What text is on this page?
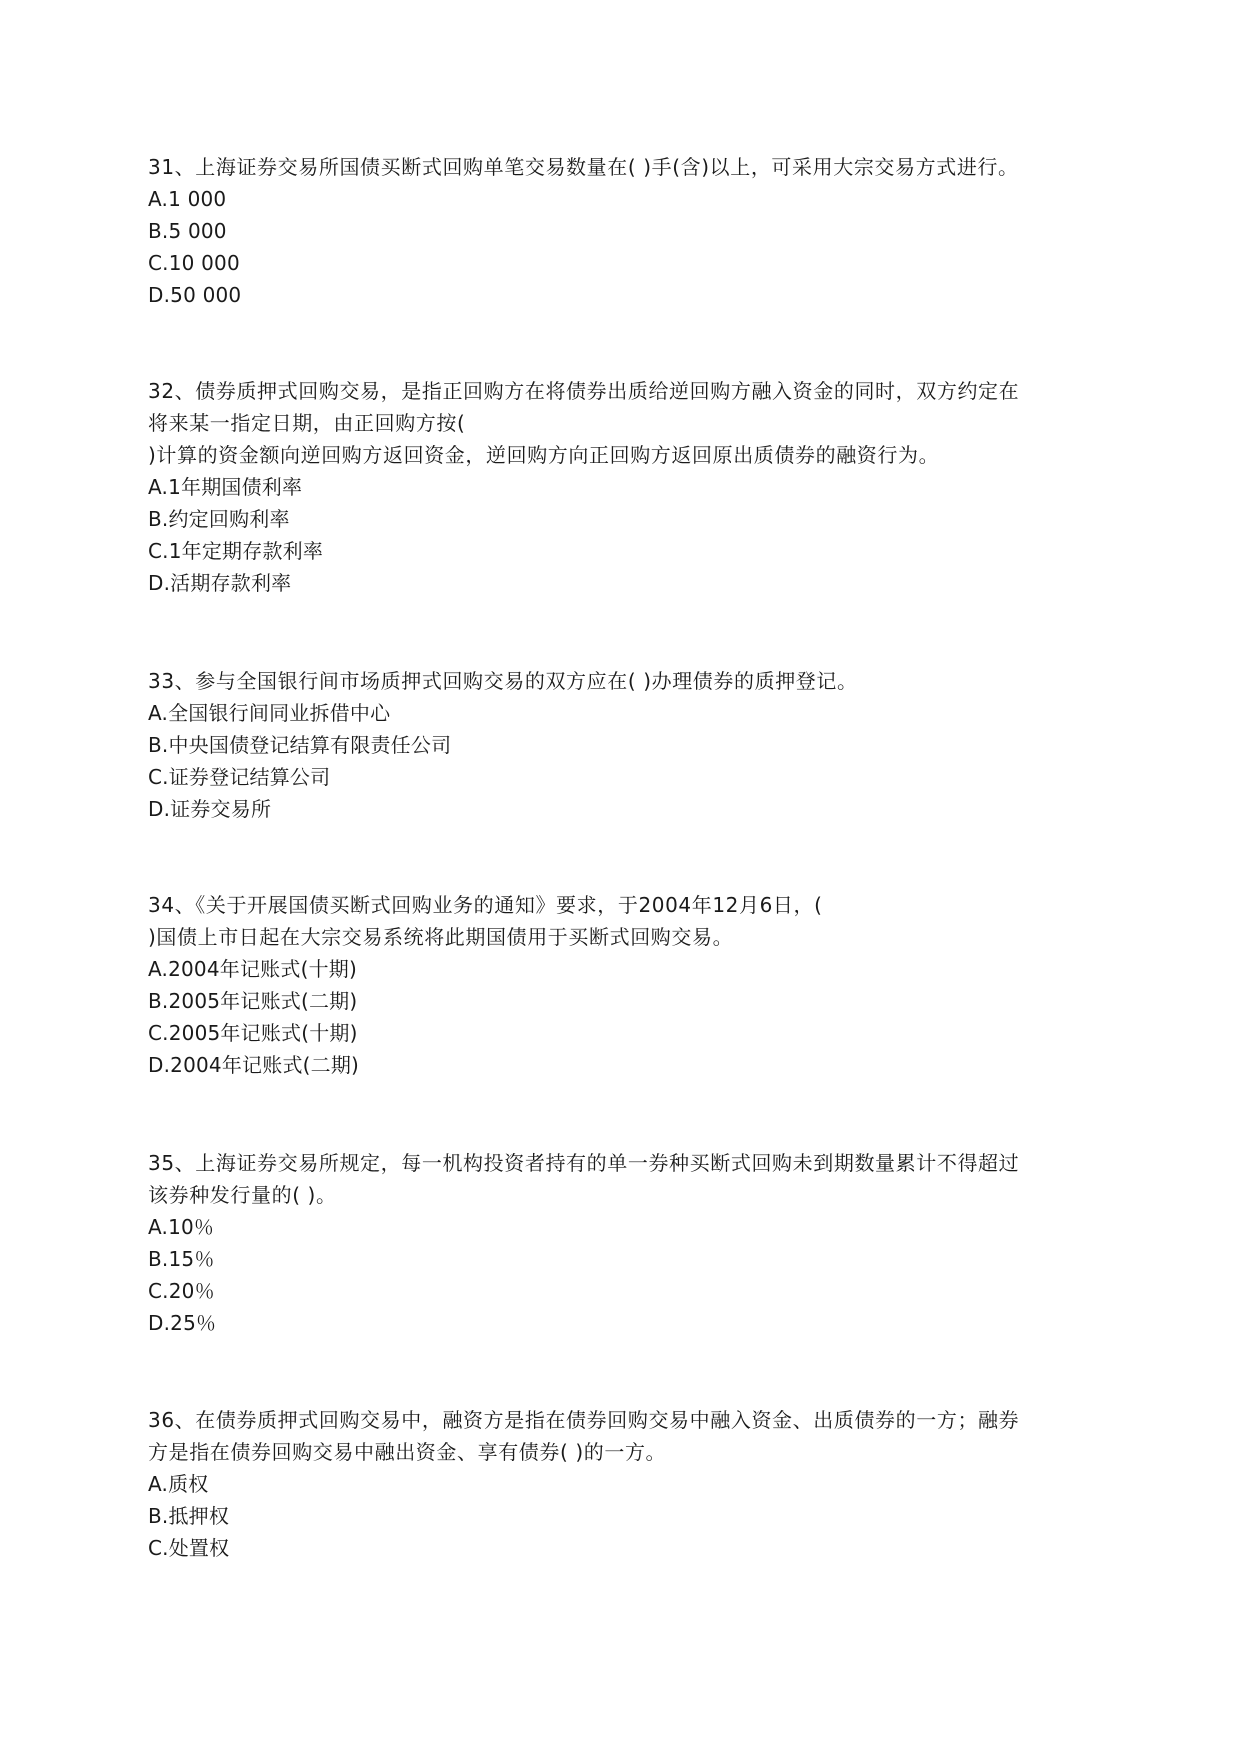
31、上海证券交易所国债买断式回购单笔交易数量在( )手(含)以上，可采用大宗交易方式进行。
A.1 000
B.5 000
C.10 000
D.50 000
32、债券质押式回购交易，是指正回购方在将债券出质给逆回购方融入资金的同时，双方约定在
将来某一指定日期，由正回购方按(
)计算的资金额向逆回购方返回资金，逆回购方向正回购方返回原出质债券的融资行为。
A.1年期国债利率
B.约定回购利率
C.1年定期存款利率
D.活期存款利率
33、参与全国银行间市场质押式回购交易的双方应在( )办理债券的质押登记。
A.全国银行间同业拆借中心
B.中央国债登记结算有限责任公司
C.证券登记结算公司
D.证券交易所
34、《关于开展国债买断式回购业务的通知》要求，于2004年12月6日，(
)国债上市日起在大宗交易系统将此期国债用于买断式回购交易。
A.2004年记账式(十期)
B.2005年记账式(二期)
C.2005年记账式(十期)
D.2004年记账式(二期)
35、上海证券交易所规定，每一机构投资者持有的单一券种买断式回购未到期数量累计不得超过
该券种发行量的( )。
A.10％
B.15％
C.20％
D.25％
36、在债券质押式回购交易中，融资方是指在债券回购交易中融入资金、出质债券的一方；融券
方是指在债券回购交易中融出资金、享有债券( )的一方。
A.质权
B.抵押权
C.处置权
